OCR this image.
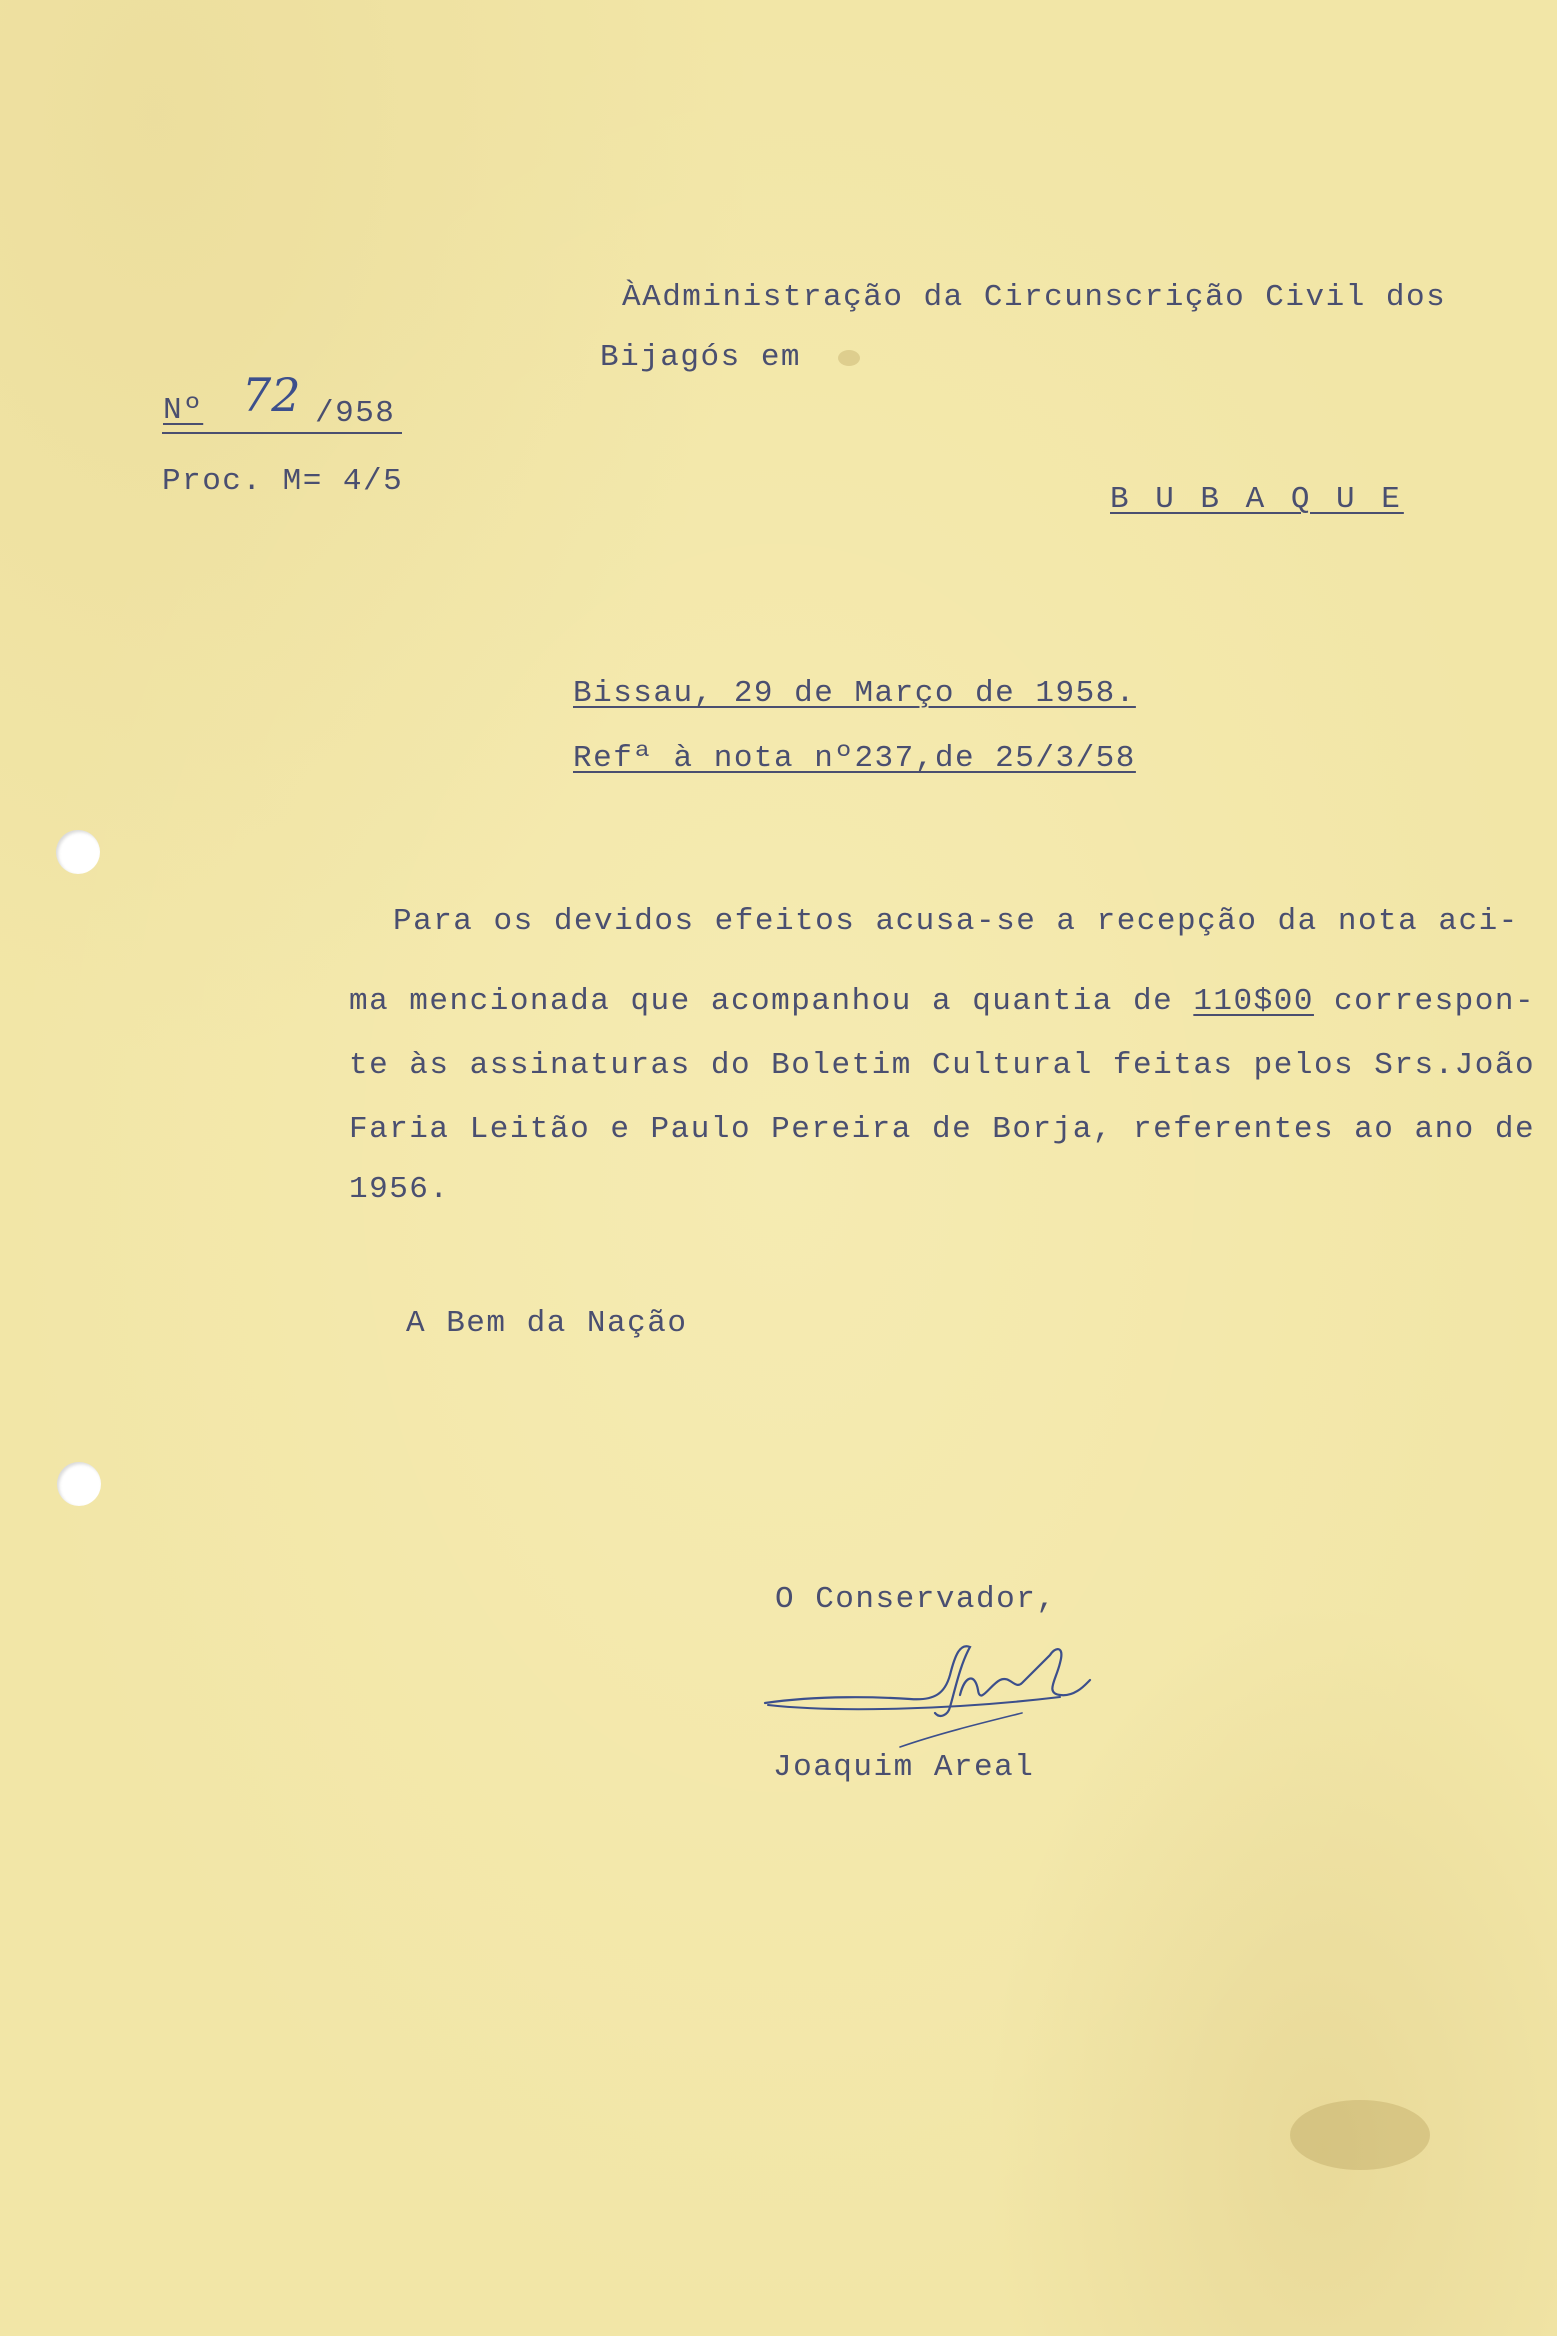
ÀAdministração da Circunscrição Civil dos
Bijagós em
B U B A Q U E
Nº 72 /958
Proc. M= 4/5
Bissau, 29 de Março de 1958.
Refª à nota nº237,de 25/3/58
Para os devidos efeitos acusa-se a recepção da nota aci-
ma mencionada que acompanhou a quantia de 110$00 correspon-
te às assinaturas do Boletim Cultural feitas pelos Srs.João
Faria Leitão e Paulo Pereira de Borja, referentes ao ano de
1956.
A Bem da Nação
O Conservador,
Joaquim Areal
